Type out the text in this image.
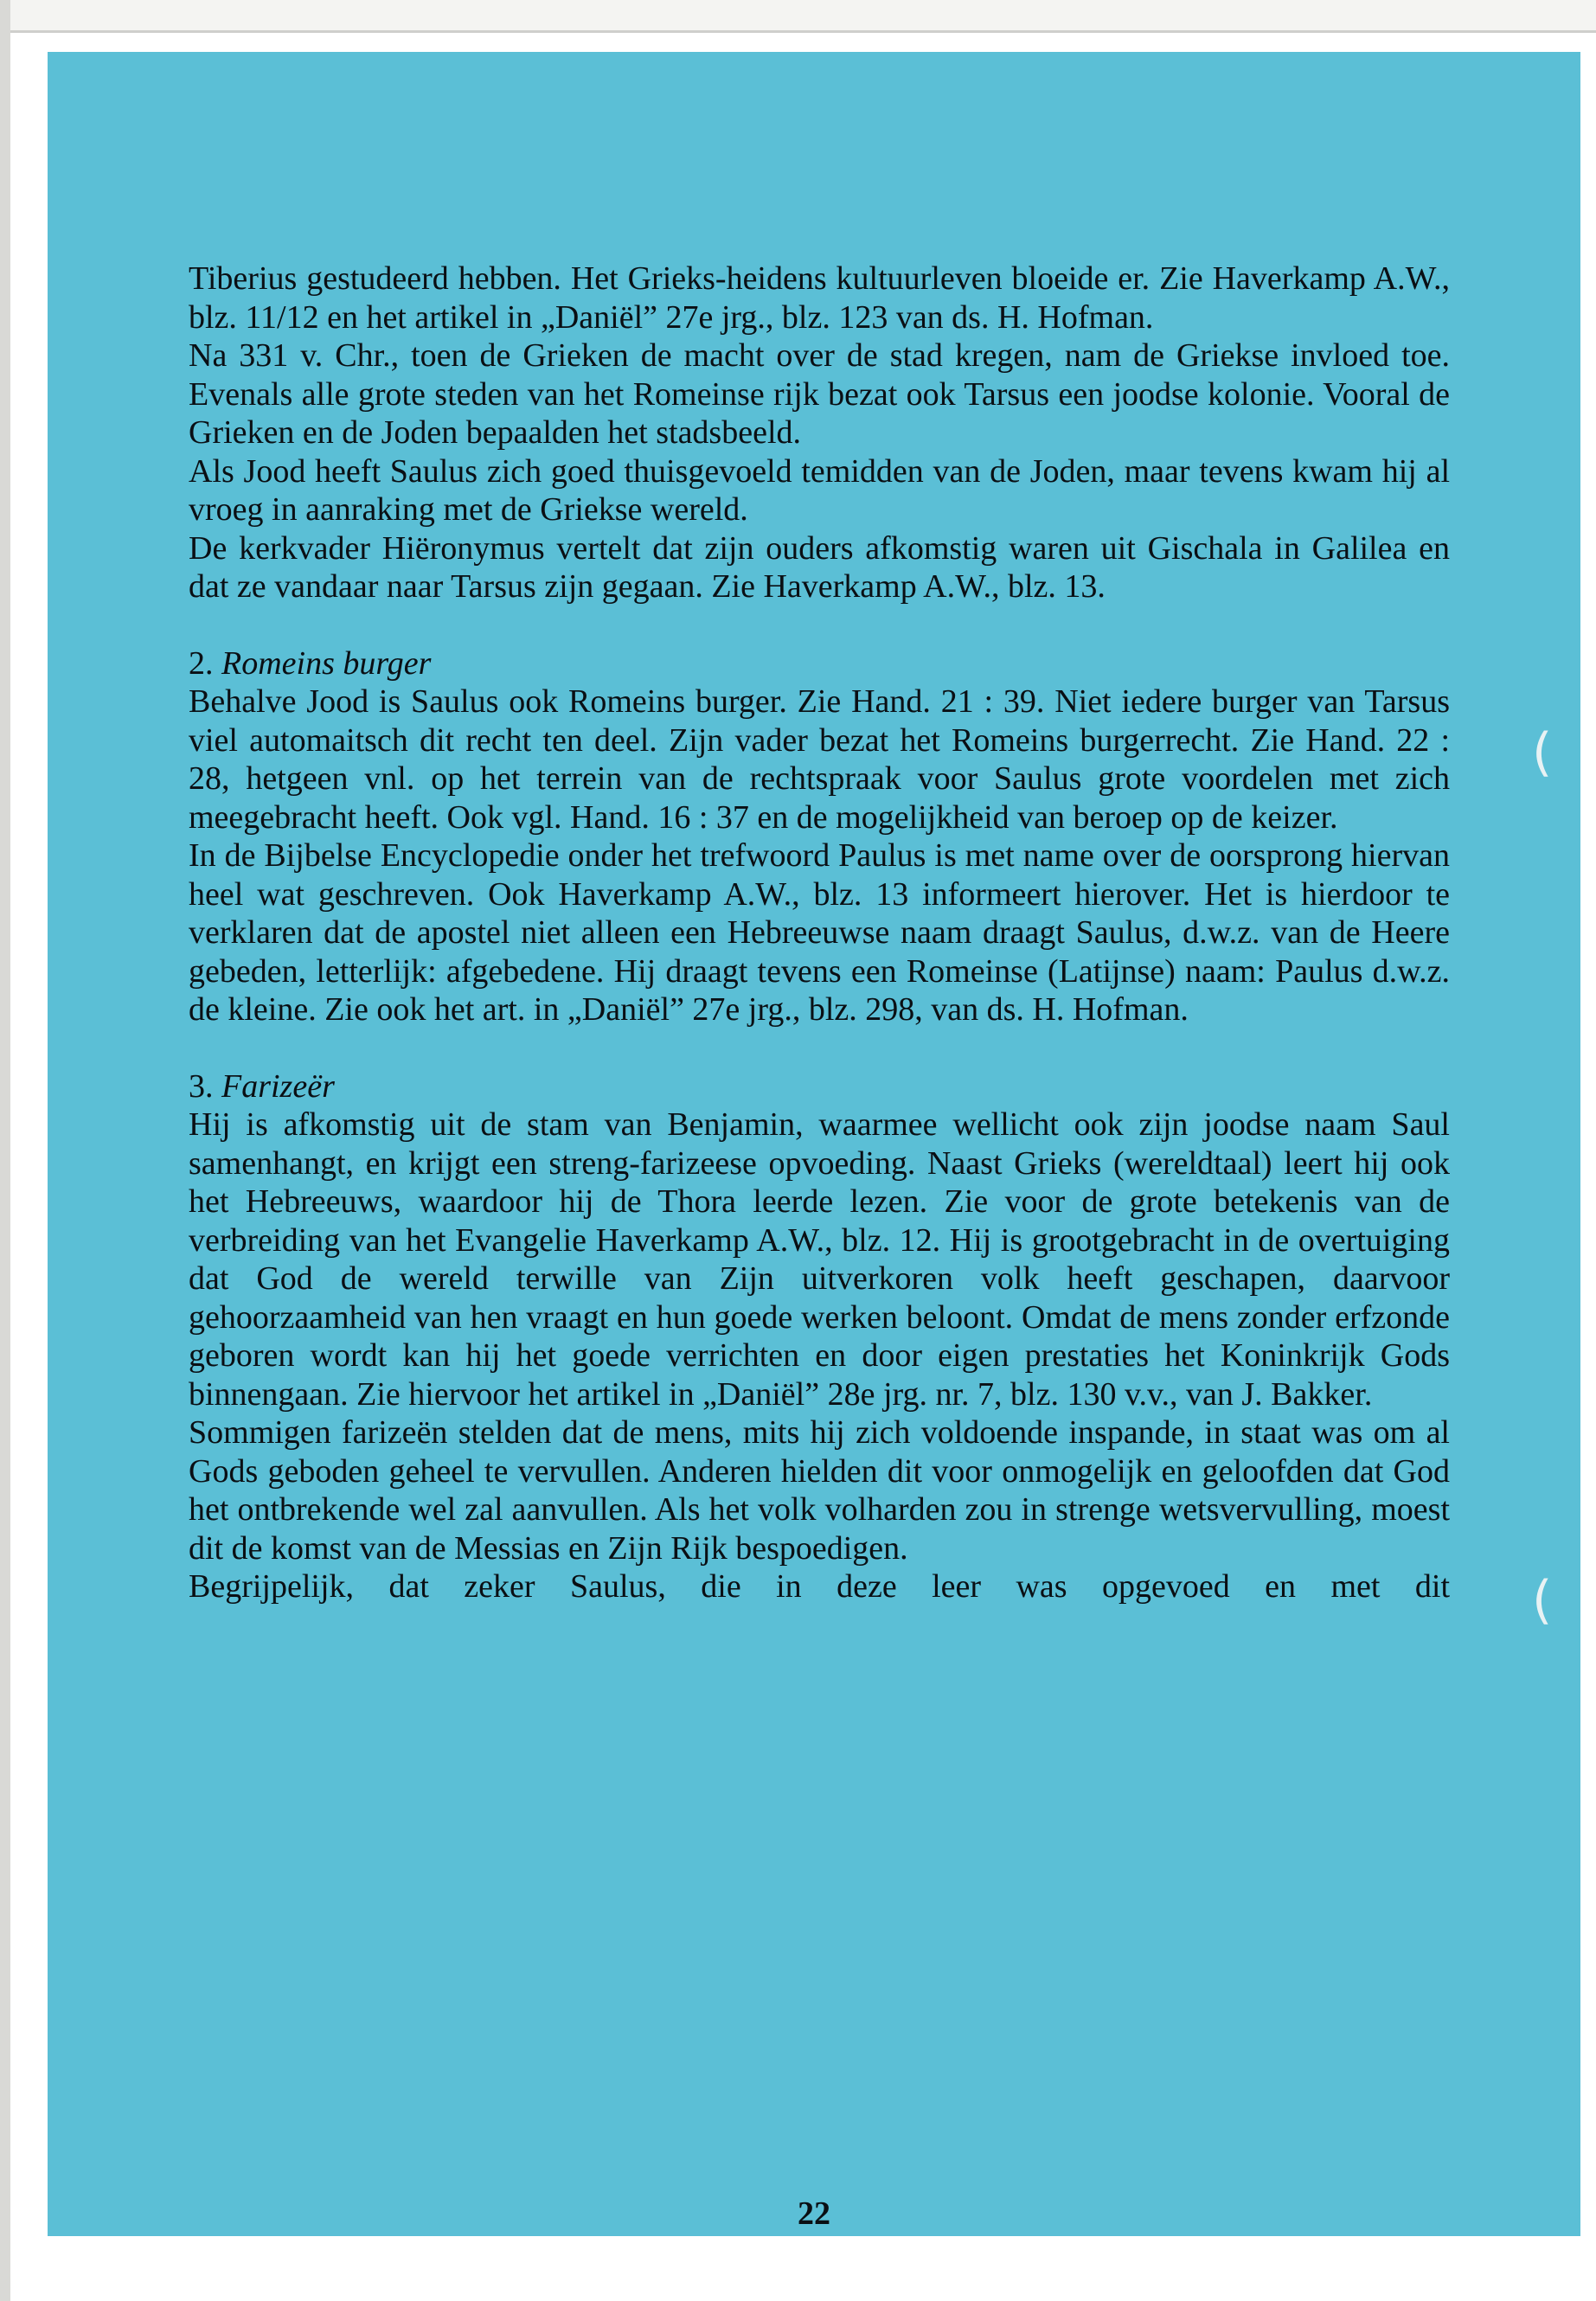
(
(

Tiberius gestudeerd hebben. Het Grieks-heidens kultuurleven bloeide er. Zie Haverkamp A.W., blz. 11/12 en het artikel in „Daniël” 27e jrg., blz. 123 van ds. H. Hofman.

Na 331 v. Chr., toen de Grieken de macht over de stad kregen, nam de Griekse invloed toe. Evenals alle grote steden van het Romeinse rijk bezat ook Tarsus een joodse kolonie. Vooral de Grieken en de Joden bepaalden het stadsbeeld.

Als Jood heeft Saulus zich goed thuisgevoeld temidden van de Joden, maar tevens kwam hij al vroeg in aanraking met de Griekse wereld.

De kerkvader Hiëronymus vertelt dat zijn ouders afkomstig waren uit Gischala in Galilea en dat ze vandaar naar Tarsus zijn gegaan. Zie Haverkamp A.W., blz. 13.

2. Romeins burger

Behalve Jood is Saulus ook Romeins burger. Zie Hand. 21 : 39. Niet iedere burger van Tarsus viel automaitsch dit recht ten deel. Zijn vader bezat het Romeins burgerrecht. Zie Hand. 22 : 28, hetgeen vnl. op het terrein van de rechtspraak voor Saulus grote voordelen met zich meegebracht heeft. Ook vgl. Hand. 16 : 37 en de mogelijkheid van beroep op de keizer.

In de Bijbelse Encyclopedie onder het trefwoord Paulus is met name over de oorsprong hiervan heel wat geschreven. Ook Haverkamp A.W., blz. 13 informeert hierover. Het is hierdoor te verklaren dat de apostel niet alleen een Hebreeuwse naam draagt Saulus, d.w.z. van de Heere gebeden, letterlijk: afgebedene. Hij draagt tevens een Romeinse (Latijnse) naam: Paulus d.w.z. de kleine. Zie ook het art. in „Daniël” 27e jrg., blz. 298, van ds. H. Hofman.

3. Farizeër

Hij is afkomstig uit de stam van Benjamin, waarmee wellicht ook zijn joodse naam Saul samenhangt, en krijgt een streng-farizeese opvoeding. Naast Grieks (wereldtaal) leert hij ook het Hebreeuws, waardoor hij de Thora leerde lezen. Zie voor de grote betekenis van de verbreiding van het Evangelie Haverkamp A.W., blz. 12. Hij is grootgebracht in de overtuiging dat God de wereld terwille van Zijn uitverkoren volk heeft geschapen, daarvoor gehoorzaamheid van hen vraagt en hun goede werken beloont. Omdat de mens zonder erfzonde geboren wordt kan hij het goede verrichten en door eigen prestaties het Koninkrijk Gods binnengaan. Zie hiervoor het artikel in „Daniël” 28e jrg. nr. 7, blz. 130 v.v., van J. Bakker.

Sommigen farizeën stelden dat de mens, mits hij zich voldoende inspande, in staat was om al Gods geboden geheel te vervullen. Anderen hielden dit voor onmogelijk en geloofden dat God het ontbrekende wel zal aanvullen. Als het volk volharden zou in strenge wetsvervulling, moest dit de komst van de Messias en Zijn Rijk bespoedigen.

Begrijpelijk, dat zeker Saulus, die in deze leer was opgevoed en met dit

22
